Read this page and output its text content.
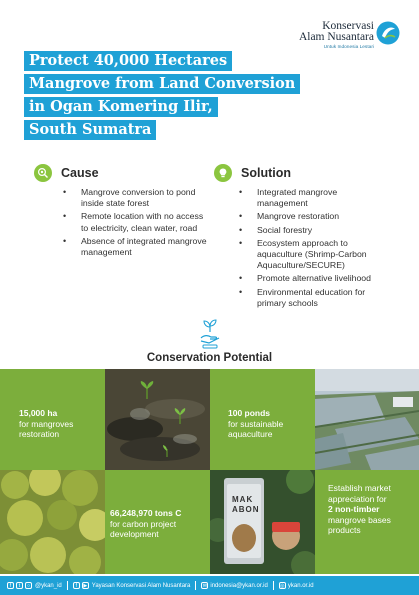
Konservasi
Alam Nusantara
Untuk Indonesia Lestari
Protect 40,000 Hectares
Mangrove from Land Conversion
in Ogan Komering Ilir,
South Sumatra
Cause
• Mangrove conversion to pond inside state forest
• Remote location with no access to electricity, clean water, road
• Absence of integrated mangrove management
Solution
• Integrated mangrove management
• Mangrove restoration
• Social forestry
• Ecosystem approach to aquaculture (Shrimp-Carbon Aquaculture/SECURE)
• Promote alternative livelihood
• Environmental education for primary schools
Conservation Potential
15,000 ha
for mangroves restoration
100 ponds
for sustainable aquaculture
66,248,970 tons C
for carbon project development
MAK
ABON
Establish market appreciation for
2 non-timber
mangrove bases products
f	t	○ @ykan_id	f	▶ Yayasan Konservasi Alam Nusantara ✉ indonesia@ykan.or.id ◎ ykan.or.id
